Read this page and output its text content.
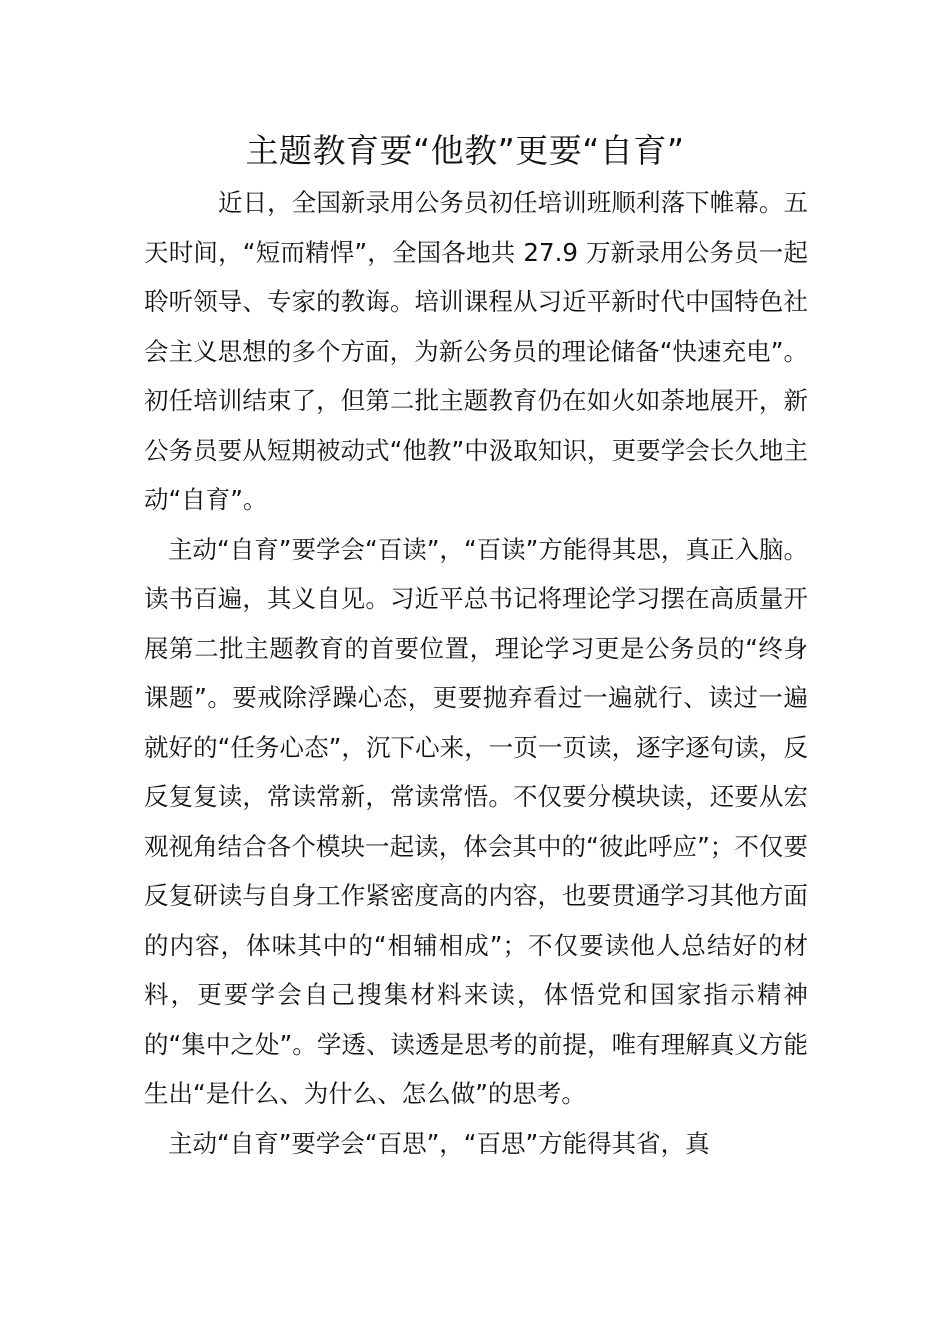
主题教育要“他教”更要“自育”

近日，全国新录用公务员初任培训班顺利落下帷幕。五天时间，“短而精悍”，全国各地共 27.9 万新录用公务员一起聆听领导、专家的教诲。培训课程从习近平新时代中国特色社会主义思想的多个方面，为新公务员的理论储备“快速充电”。初任培训结束了，但第二批主题教育仍在如火如荼地展开，新公务员要从短期被动式“他教”中汲取知识，更要学会长久地主动“自育”。

主动“自育”要学会“百读”，“百读”方能得其思，真正入脑。读书百遍，其义自见。习近平总书记将理论学习摆在高质量开展第二批主题教育的首要位置，理论学习更是公务员的“终身课题”。要戒除浮躁心态，更要抛弃看过一遍就行、读过一遍就好的“任务心态”，沉下心来，一页一页读，逐字逐句读，反反复复读，常读常新，常读常悟。不仅要分模块读，还要从宏观视角结合各个模块一起读，体会其中的“彼此呼应”；不仅要反复研读与自身工作紧密度高的内容，也要贯通学习其他方面的内容，体味其中的“相辅相成”；不仅要读他人总结好的材料，更要学会自己搜集材料来读，体悟党和国家指示精神的“集中之处”。学透、读透是思考的前提，唯有理解真义方能生出“是什么、为什么、怎么做”的思考。

主动“自育”要学会“百思”，“百思”方能得其省，真
